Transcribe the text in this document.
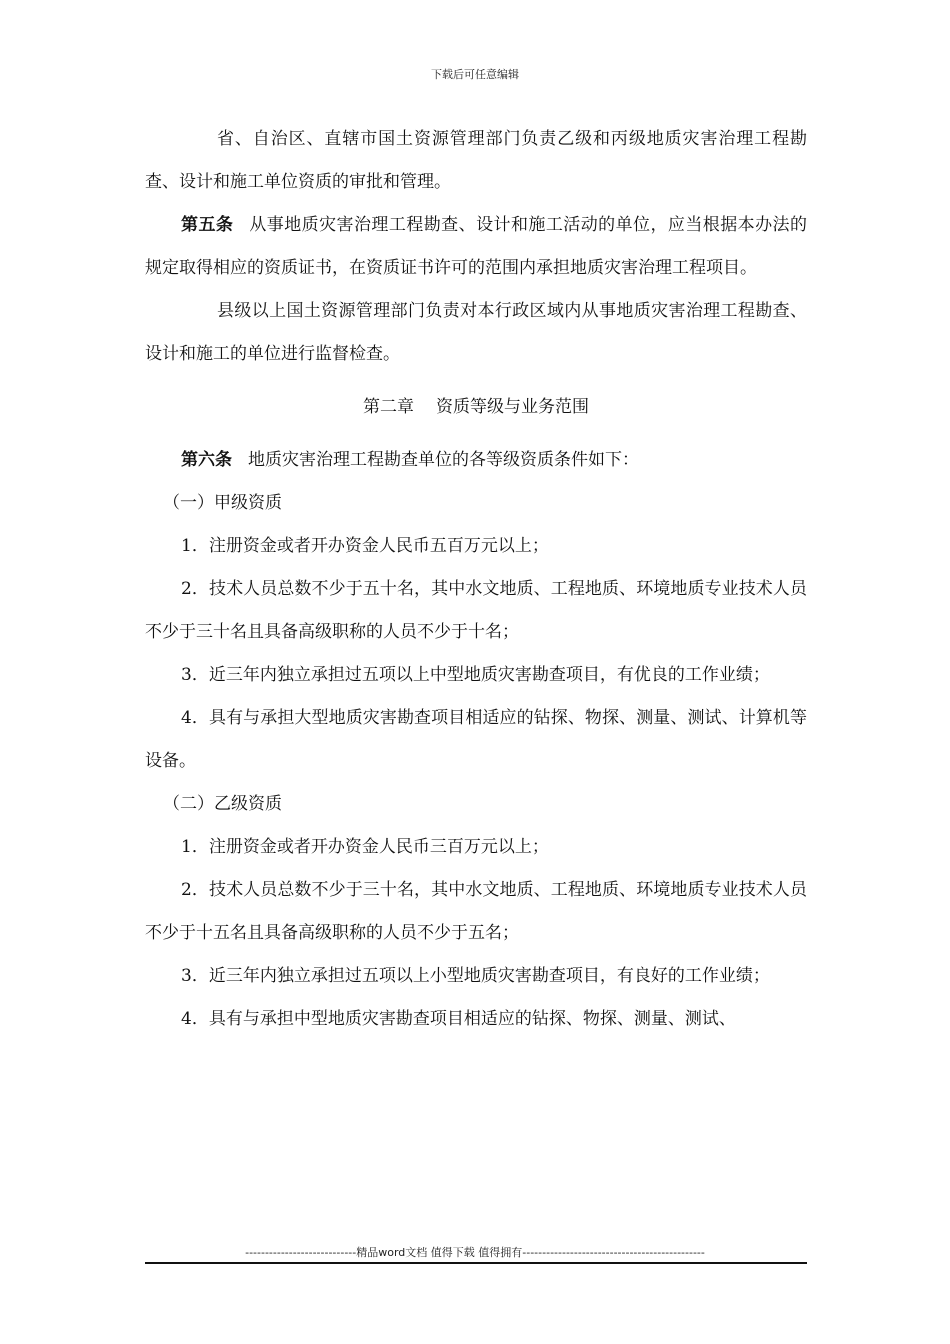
下载后可任意编辑

省、自治区、直辖市国土资源管理部门负责乙级和丙级地质灾害治理工程勘查、设计和施工单位资质的审批和管理。

第五条 从事地质灾害治理工程勘查、设计和施工活动的单位，应当根据本办法的规定取得相应的资质证书，在资质证书许可的范围内承担地质灾害治理工程项目。

县级以上国土资源管理部门负责对本行政区域内从事地质灾害治理工程勘查、设计和施工的单位进行监督检查。

第二章 资质等级与业务范围

第六条 地质灾害治理工程勘查单位的各等级资质条件如下：

（一）甲级资质

1．注册资金或者开办资金人民币五百万元以上；

2．技术人员总数不少于五十名，其中水文地质、工程地质、环境地质专业技术人员不少于三十名且具备高级职称的人员不少于十名；

3．近三年内独立承担过五项以上中型地质灾害勘查项目，有优良的工作业绩；

4．具有与承担大型地质灾害勘查项目相适应的钻探、物探、测量、测试、计算机等设备。

（二）乙级资质

1．注册资金或者开办资金人民币三百万元以上；

2．技术人员总数不少于三十名，其中水文地质、工程地质、环境地质专业技术人员不少于十五名且具备高级职称的人员不少于五名；

3．近三年内独立承担过五项以上小型地质灾害勘查项目，有良好的工作业绩；

4．具有与承担中型地质灾害勘查项目相适应的钻探、物探、测量、测试、

----------------------------精品word文档 值得下载 值得拥有----------------------------------------------
